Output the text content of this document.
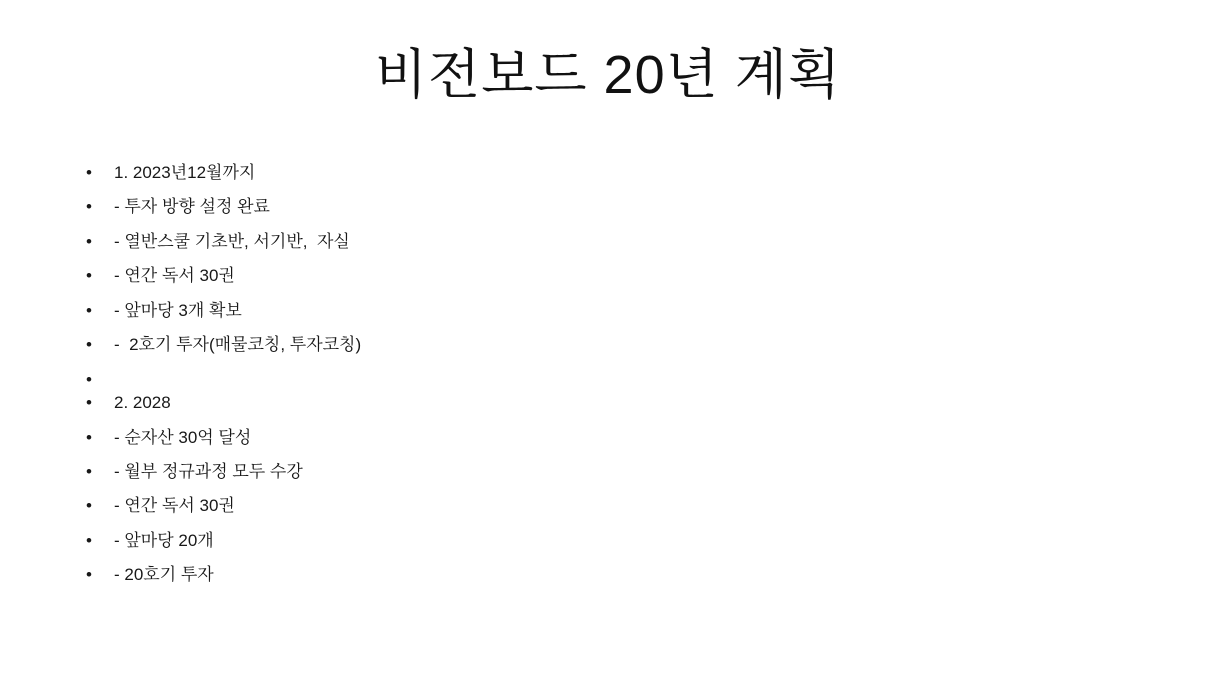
비전보드 20년 계획
• 1. 2023년12월까지
• - 투자 방향 설정 완료
• - 열반스쿨 기초반, 서기반,  자실
• - 연간 독서 30권
• - 앞마당 3개 확보
• -  2호기 투자(매물코칭, 투자코칭)
•
• 2. 2028
• - 순자산 30억 달성
• - 월부 정규과정 모두 수강
• - 연간 독서 30권
• - 앞마당 20개
• - 20호기 투자
